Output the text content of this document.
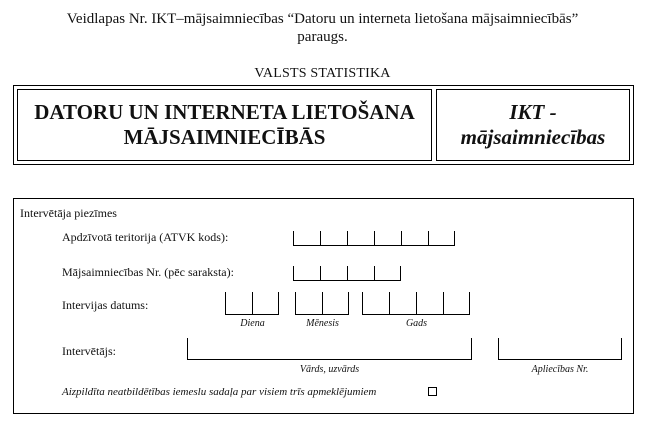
Veidlapas Nr. IKT–mājsaimniecības “Datoru un interneta lietošana mājsaimniecībās”
paraugs.
VALSTS STATISTIKA
DATORU UN INTERNETA LIETOŠANA
MĀJSAIMNIECĪBĀS
IKT -
mājsaimniecības
Intervētāja piezīmes
Apdzīvotā teritorija (ATVK kods):
Mājsaimniecības Nr. (pēc saraksta):
Intervijas datums:
Diena	Mēnesis	Gads
Intervētājs:
Vārds, uzvārds	Apliecības Nr.
Aizpildīta neatbildētības iemeslu sadaļa par visiem trīs apmeklējumiem
